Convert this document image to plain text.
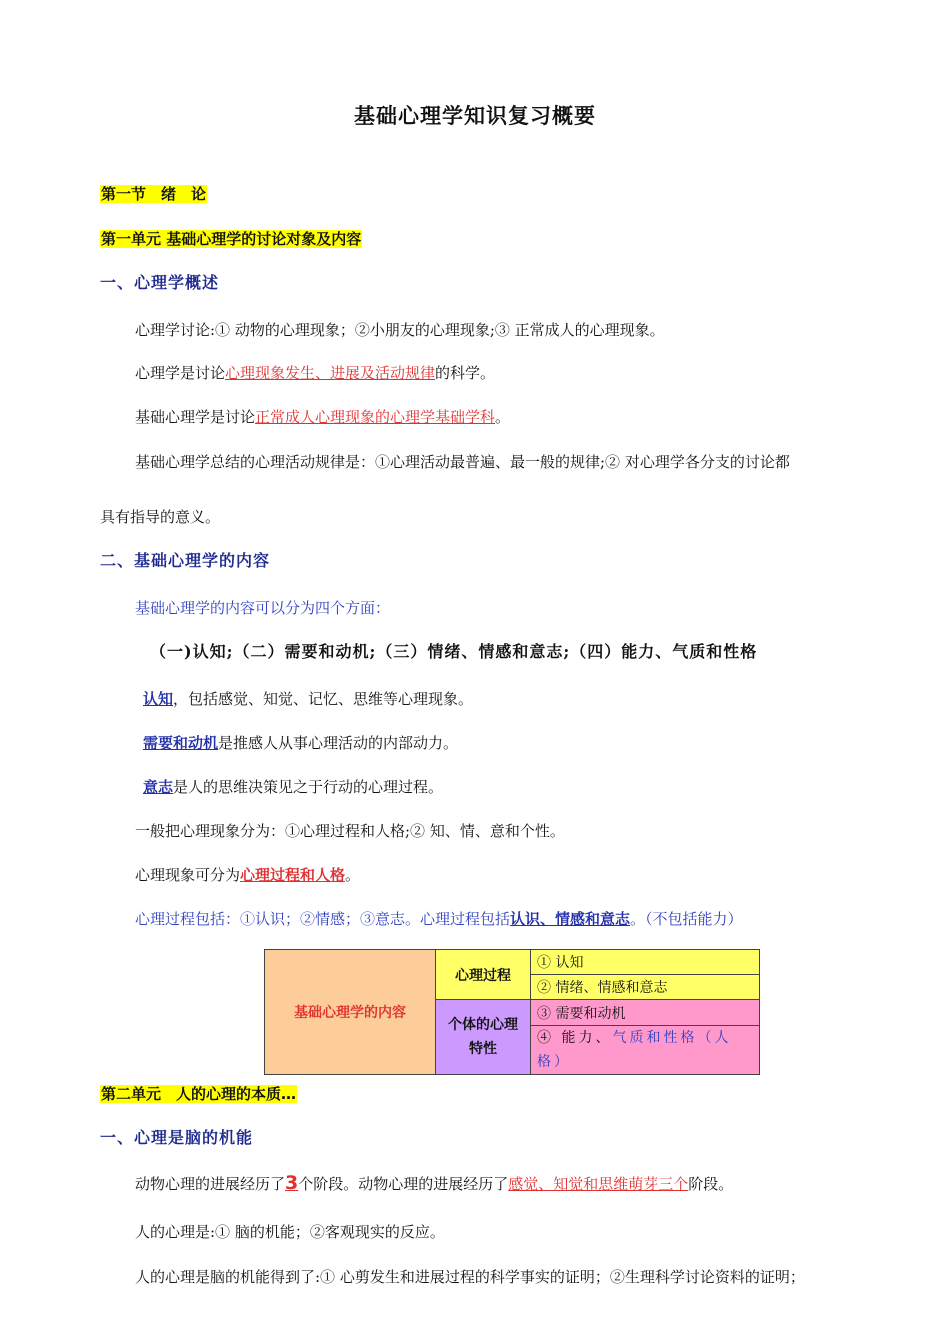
基础心理学知识复习概要
第一节　绪　论
第一单元 基础心理学的讨论对象及内容
一、心理学概述
心理学讨论:① 动物的心理现象；②小朋友的心理现象;③ 正常成人的心理现象。
心理学是讨论心理现象发生、进展及活动规律的科学。
基础心理学是讨论正常成人心理现象的心理学基础学科。
基础心理学总结的心理活动规律是：①心理活动最普遍、最一般的规律;② 对心理学各分支的讨论都
具有指导的意义。
二、基础心理学的内容
基础心理学的内容可以分为四个方面：
（一)认知;（二）需要和动机;（三）情绪、情感和意志;（四）能力、气质和性格
认知，包括感觉、知觉、记忆、思维等心理现象。
需要和动机是推感人从事心理活动的内部动力。
意志是人的思维决策见之于行动的心理过程。
一般把心理现象分为：①心理过程和人格;② 知、情、意和个性。
心理现象可分为心理过程和人格。
心理过程包括：①认识；②情感；③意志。心理过程包括认识、情感和意志。（不包括能力）
基础心理学的内容	心理过程	① 认知
		② 情绪、情感和意志
	个体的心理特性	③ 需要和动机
		④ 能力、气质和性格（人格）
第二单元　人的心理的本质…
一、心理是脑的机能
动物心理的进展经历了3个阶段。动物心理的进展经历了感觉、知觉和思维萌芽三个阶段。
人的心理是:① 脑的机能；②客观现实的反应。
人的心理是脑的机能得到了:① 心剪发生和进展过程的科学事实的证明；②生理科学讨论资料的证明；
